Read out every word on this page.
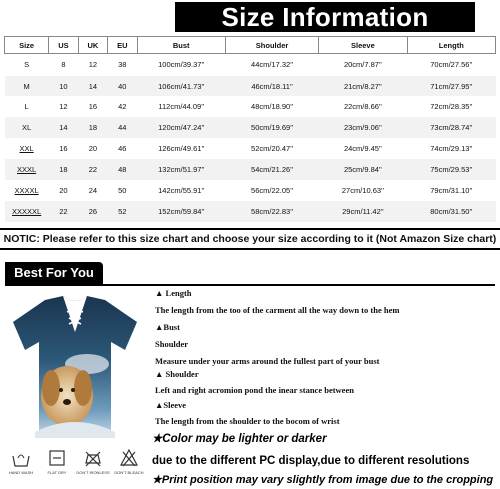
Size Information
Size	US	UK	EU	Bust	Shoulder	Sleeve	Length
S	8	12	38	100cm/39.37''	44cm/17.32''	20cm/7.87''	70cm/27.56''
M	10	14	40	106cm/41.73''	46cm/18.11''	21cm/8.27''	71cm/27.95''
L	12	16	42	112cm/44.09''	48cm/18.90''	22cm/8.66''	72cm/28.35''
XL	14	18	44	120cm/47.24''	50cm/19.69''	23cm/9.06''	73cm/28.74''
XXL	16	20	46	126cm/49.61''	52cm/20.47''	24cm/9.45''	74cm/29.13''
XXXL	18	22	48	132cm/51.97''	54cm/21.26''	25cm/9.84''	75cm/29.53''
XXXXL	20	24	50	142cm/55.91''	56cm/22.05''	27cm/10.63''	79cm/31.10''
XXXXXL	22	26	52	152cm/59.84''	58cm/22.83''	29cm/11.42''	80cm/31.50''
NOTIC: Please refer to this size chart and choose your size according to it (Not Amazon Size chart)
Best For You
HAND WASH	FLAT DRY	DON'T IRONLESS	DON'T BLEACH
▲ Length
The length from the too of the carment all the way down to the hem
▲Bust
Shoulder
Measure under your arms around the fullest part of your bust
▲ Shoulder
Left and right acromion pond the inear stance between
▲Sleeve
The length from the shoulder to the bocom of wrist
★Color may be lighter or darker
due to the different PC display,due to different resolutions
★Print position may vary slightly from image due to the cropping
